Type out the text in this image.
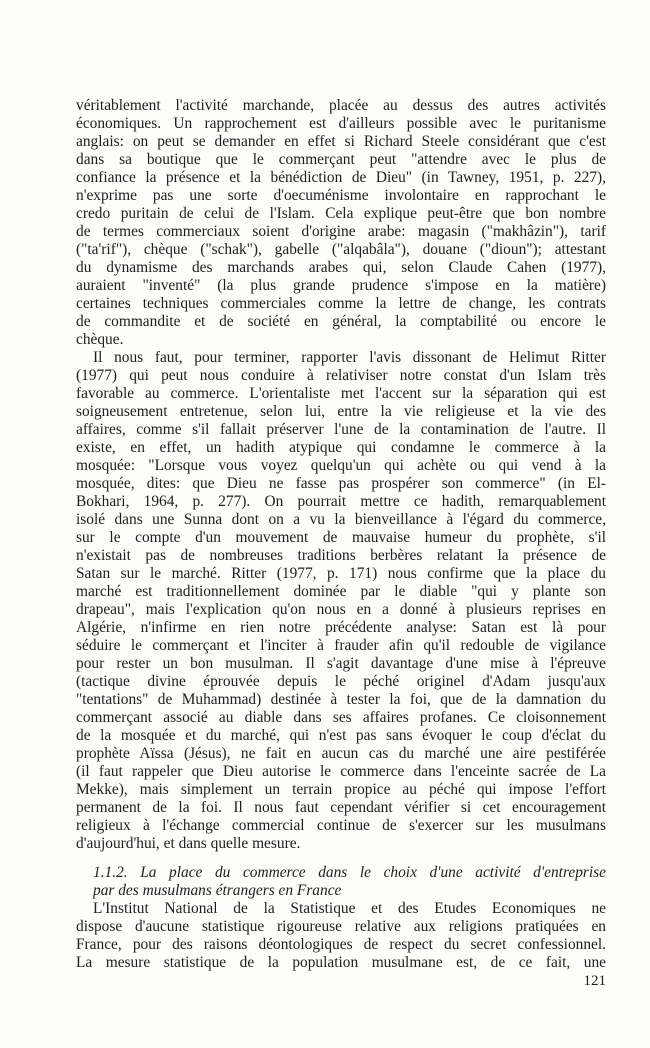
véritablement l'activité marchande, placée au dessus des autres activités
économiques. Un rapprochement est d'ailleurs possible avec le puritanisme
anglais: on peut se demander en effet si Richard Steele considérant que c'est
dans sa boutique que le commerçant peut "attendre avec le plus de
confiance la présence et la bénédiction de Dieu" (in Tawney, 1951, p. 227),
n'exprime pas une sorte d'oecuménisme involontaire en rapprochant le
credo puritain de celui de l'Islam. Cela explique peut-être que bon nombre
de termes commerciaux soient d'origine arabe: magasin ("makhâzin"), tarif
("ta'rif"), chèque ("schak"), gabelle ("alqabâla"), douane ("dioun"); attestant
du dynamisme des marchands arabes qui, selon Claude Cahen (1977),
auraient "inventé" (la plus grande prudence s'impose en la matière)
certaines techniques commerciales comme la lettre de change, les contrats
de commandite et de société en général, la comptabilité ou encore le
chèque.
Il nous faut, pour terminer, rapporter l'avis dissonant de Helimut Ritter
(1977) qui peut nous conduire à relativiser notre constat d'un Islam très
favorable au commerce. L'orientaliste met l'accent sur la séparation qui est
soigneusement entretenue, selon lui, entre la vie religieuse et la vie des
affaires, comme s'il fallait préserver l'une de la contamination de l'autre. Il
existe, en effet, un hadith atypique qui condamne le commerce à la
mosquée: "Lorsque vous voyez quelqu'un qui achète ou qui vend à la
mosquée, dites: que Dieu ne fasse pas prospérer son commerce" (in El-
Bokhari, 1964, p. 277). On pourrait mettre ce hadith, remarquablement
isolé dans une Sunna dont on a vu la bienveillance à l'égard du commerce,
sur le compte d'un mouvement de mauvaise humeur du prophète, s'il
n'existait pas de nombreuses traditions berbères relatant la présence de
Satan sur le marché. Ritter (1977, p. 171) nous confirme que la place du
marché est traditionnellement dominée par le diable "qui y plante son
drapeau", mais l'explication qu'on nous en a donné à plusieurs reprises en
Algérie, n'infirme en rien notre précédente analyse: Satan est là pour
séduire le commerçant et l'inciter à frauder afin qu'il redouble de vigilance
pour rester un bon musulman. Il s'agit davantage d'une mise à l'épreuve
(tactique divine éprouvée depuis le péché originel d'Adam jusqu'aux
"tentations" de Muhammad) destinée à tester la foi, que de la damnation du
commerçant associé au diable dans ses affaires profanes. Ce cloisonnement
de la mosquée et du marché, qui n'est pas sans évoquer le coup d'éclat du
prophète Aïssa (Jésus), ne fait en aucun cas du marché une aire pestiférée
(il faut rappeler que Dieu autorise le commerce dans l'enceinte sacrée de La
Mekke), mais simplement un terrain propice au péché qui impose l'effort
permanent de la foi. Il nous faut cependant vérifier si cet encouragement
religieux à l'échange commercial continue de s'exercer sur les musulmans
d'aujourd'hui, et dans quelle mesure.
1.1.2. La place du commerce dans le choix d'une activité d'entreprise
par des musulmans étrangers en France
L'Institut National de la Statistique et des Etudes Economiques ne
dispose d'aucune statistique rigoureuse relative aux religions pratiquées en
France, pour des raisons déontologiques de respect du secret confessionnel.
La mesure statistique de la population musulmane est, de ce fait, une
121
